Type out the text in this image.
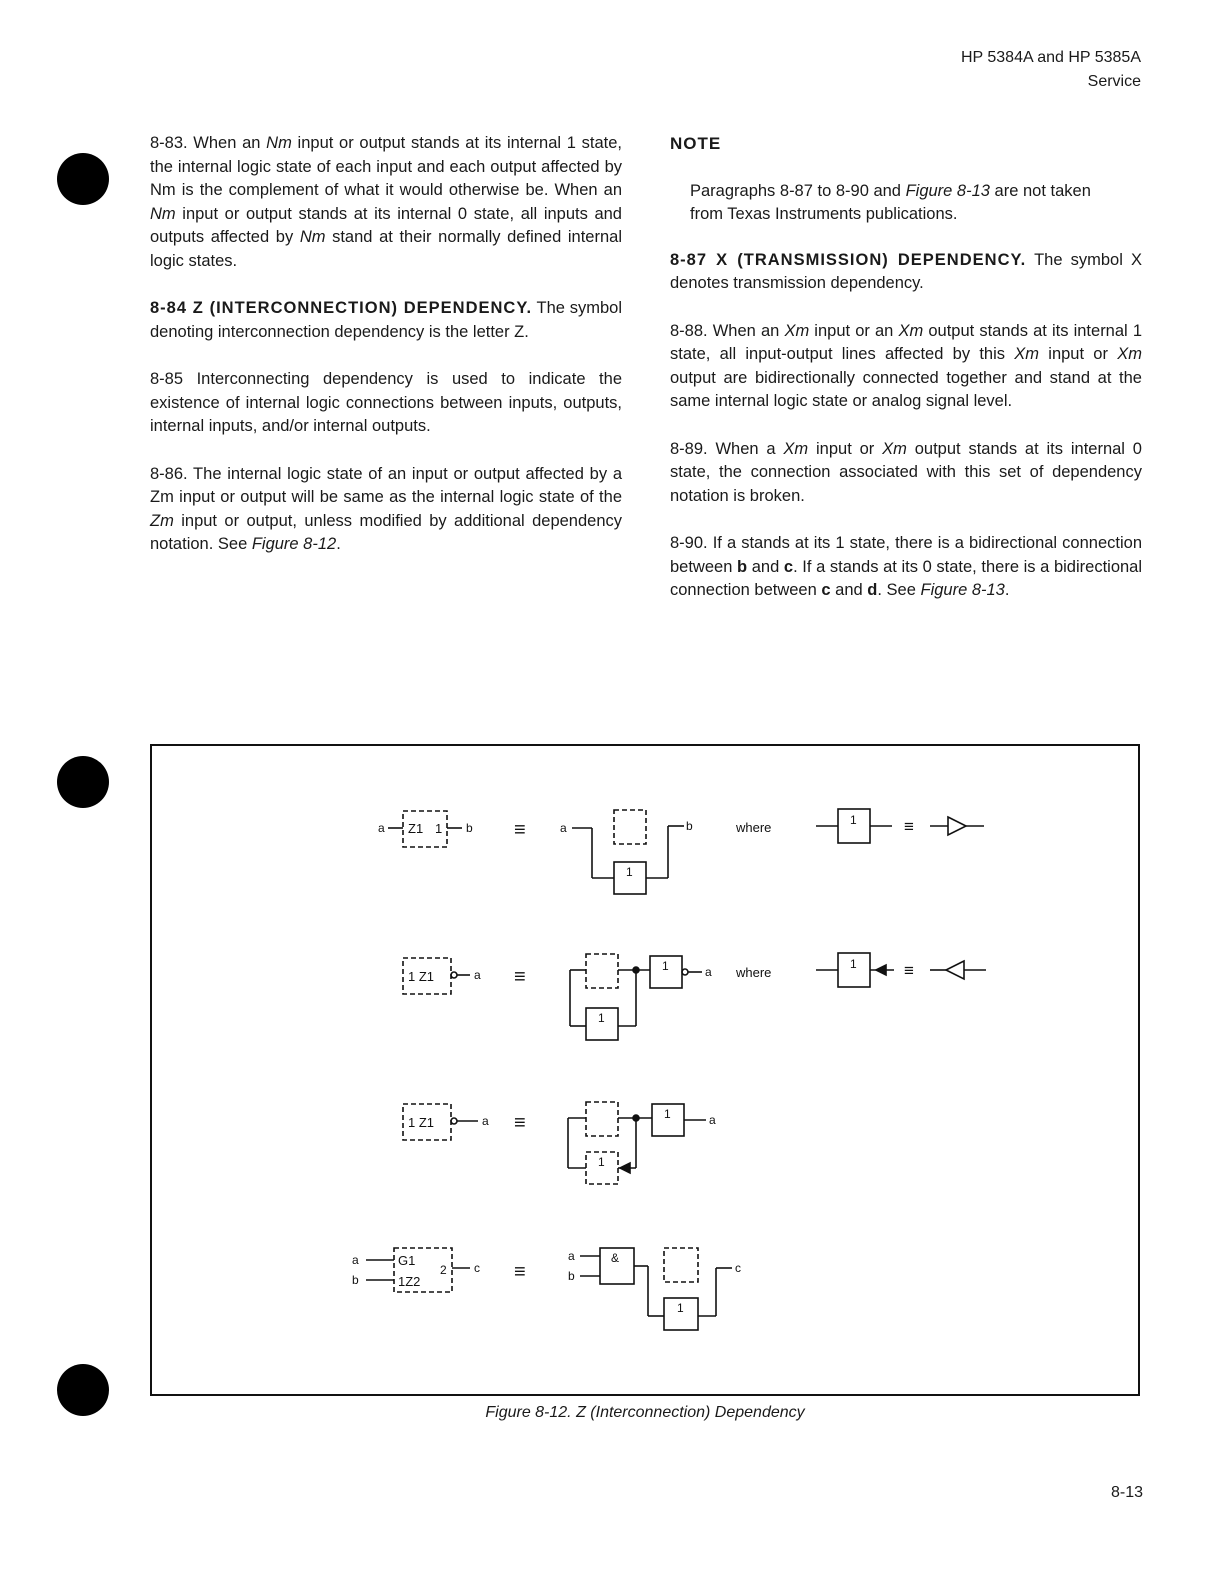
HP 5384A and HP 5385A
Service

8-83. When an Nm input or output stands at its internal 1 state, the internal logic state of each input and each output affected by Nm is the complement of what it would otherwise be. When an Nm input or output stands at its internal 0 state, all inputs and outputs affected by Nm stand at their normally defined internal logic states.

8-84 Z (INTERCONNECTION) DEPENDENCY. The symbol denoting interconnection dependency is the letter Z.

8-85 Interconnecting dependency is used to indicate the existence of internal logic connections between inputs, outputs, internal inputs, and/or internal outputs.

8-86. The internal logic state of an input or output affected by a Zm input or output will be same as the internal logic state of the Zm input or output, unless modified by additional dependency notation. See Figure 8-12.

NOTE

Paragraphs 8-87 to 8-90 and Figure 8-13 are not taken from Texas Instruments publications.

8-87 X (TRANSMISSION) DEPENDENCY. The symbol X denotes transmission dependency.

8-88. When an Xm input or an Xm output stands at its internal 1 state, all input-output lines affected by this Xm input or Xm output are bidirectionally connected together and stand at the same internal logic state or analog signal level.

8-89. When a Xm input or Xm output stands at its internal 0 state, the connection associated with this set of dependency notation is broken.

8-90. If a stands at its 1 state, there is a bidirectional connection between b and c. If a stands at its 0 state, there is a bidirectional connection between c and d. See Figure 8-13.

a Z1 1 b ≡	a
1
b	where	1	≡
1 Z1	a ≡
1
1	a where
1	≡
1 Z1	a ≡
1
1	a
a
b
G1
1Z2
2 c ≡
a
b
&
1
c
Figure 8-12. Z (Interconnection) Dependency
8-13
